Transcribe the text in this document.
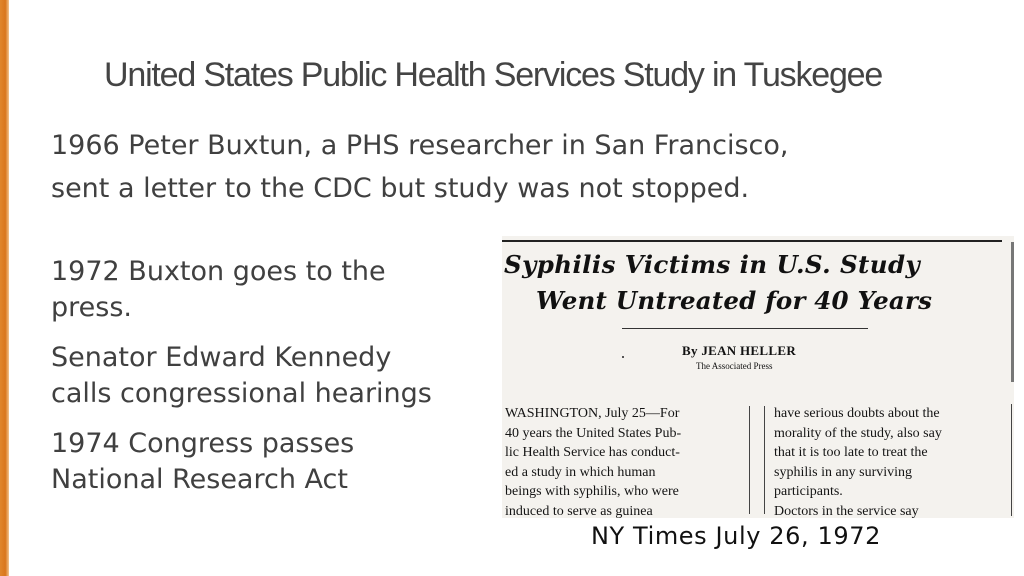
United States Public Health Services Study in Tuskegee
1966 Peter Buxtun, a PHS researcher in San Francisco,
sent a letter to the CDC but study was not stopped.
1972 Buxton goes to the
press.
Senator Edward Kennedy
calls congressional hearings
1974 Congress passes
National Research Act
Syphilis Victims in U.S. Study
Went Untreated for 40 Years
By JEAN HELLER
The Associated Press
WASHINGTON, July 25—For
40 years the United States Pub-
lic Health Service has conduct-
ed a study in which human
beings with syphilis, who were
induced to serve as guinea
have serious doubts about the
morality of the study, also say
that it is too late to treat the
syphilis in any surviving
participants.
Doctors in the service say
NY Times July 26, 1972
